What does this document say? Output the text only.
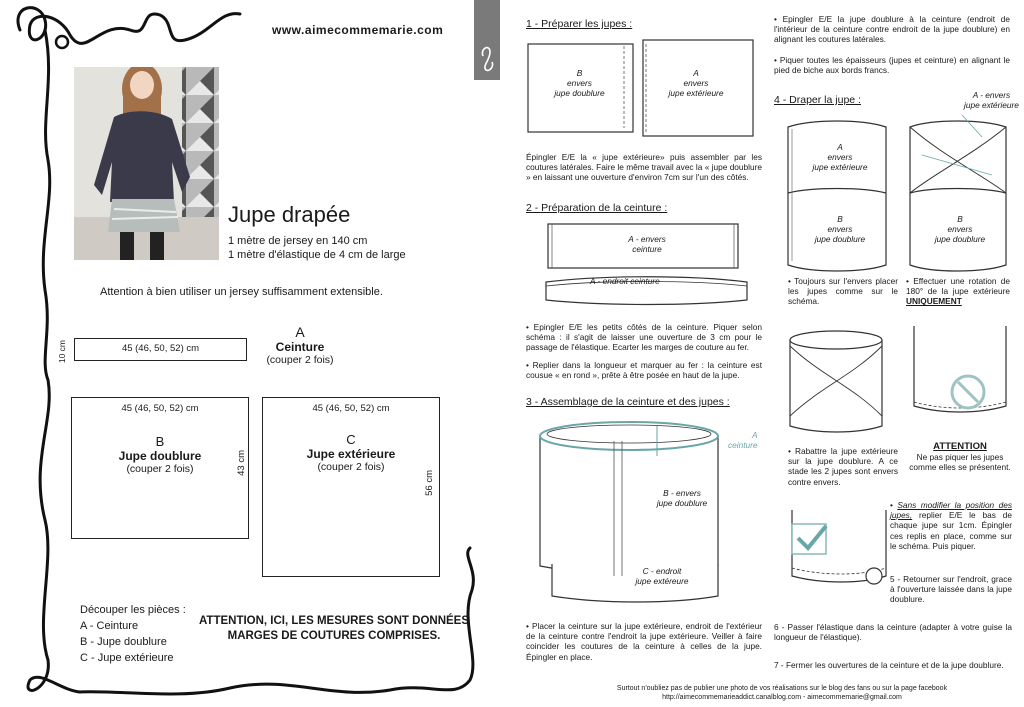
www.aimecommemarie.com
Jupe drapée
1 mètre de jersey en 140 cm
1 mètre d'élastique de 4 cm de large
Attention à bien utiliser un jersey suffisamment extensible.
45 (46, 50, 52) cm
10 cm
A
Ceinture
(couper 2 fois)
45 (46, 50, 52) cm
B
Jupe doublure
(couper 2 fois)	43 cm
45 (46, 50, 52) cm
C
Jupe extérieure
(couper 2 fois)
56 cm
Découper les pièces :
A - Ceinture
B - Jupe doublure
C - Jupe extérieure
ATTENTION, ICI, LES MESURES SONT DONNÉES
MARGES DE COUTURES COMPRISES.
1 - Préparer les jupes :
B
envers
jupe doublure
A
envers
jupe extérieure
Épingler E/E la « jupe extérieure» puis assembler par les coutures latérales. Faire le même travail avec la « jupe doublure » en laissant une ouverture d'environ 7cm sur l'un des côtés.
2 - Préparation de la ceinture :
A - envers
ceinture
A - endroit ceinture
• Epingler E/E les petits côtés de la ceinture. Piquer selon schéma : il s'agit de laisser une ouverture de 3 cm pour le passage de l'élastique. Ecarter les marges de couture au fer.
• Replier dans la longueur et marquer au fer : la ceinture est cousue « en rond », prête à être posée en haut de la jupe.
3 - Assemblage de la ceinture et des jupes :
A
ceinture
B - envers
jupe doublure
C - endroit
jupe extéreure
• Placer la ceinture sur la jupe extérieure, endroit de l'extérieur de la ceinture contre l'endroit la jupe extérieure. Veiller à faire coincider les coutures de la ceinture à celles de la jupe. Épingler en place.
• Epingler E/E la jupe doublure à la ceinture (endroit de l'intérieur de la ceinture contre endroit de la jupe doublure) en alignant les coutures latérales.
• Piquer toutes les épaisseurs (jupes et ceinture) en alignant le pied de biche aux bords francs.
4 - Draper la jupe :	A - envers
jupe extérieure
A
envers
jupe extérieure
B
envers
jupe doublure
B
envers
jupe doublure
• Toujours sur l'envers placer les jupes comme sur le schéma.
• Effectuer une rotation de 180° de la jupe extérieure UNIQUEMENT
• Rabattre la jupe extérieure sur la jupe doublure. A ce stade les 2 jupes sont envers contre envers.
ATTENTION
Ne pas piquer les jupes comme elles se présentent.
• Sans modifier la position des jupes, replier E/E le bas de chaque jupe sur 1cm. Épingler ces replis en place, comme sur le schéma. Puis piquer.
5 - Retourner sur l'endroit, grace à l'ouverture laissée dans la jupe doublure.
6 - Passer l'élastique dans la ceinture (adapter à votre guise la longueur de l'élastique).
7 - Fermer les ouvertures de la ceinture et de la jupe doublure.
Surtout n'oubliez pas de publier une photo de vos réalisations sur le blog des fans ou sur la page facebook
http://aimecommemarieaddict.canalblog.com - aimecommemarie@gmail.com
